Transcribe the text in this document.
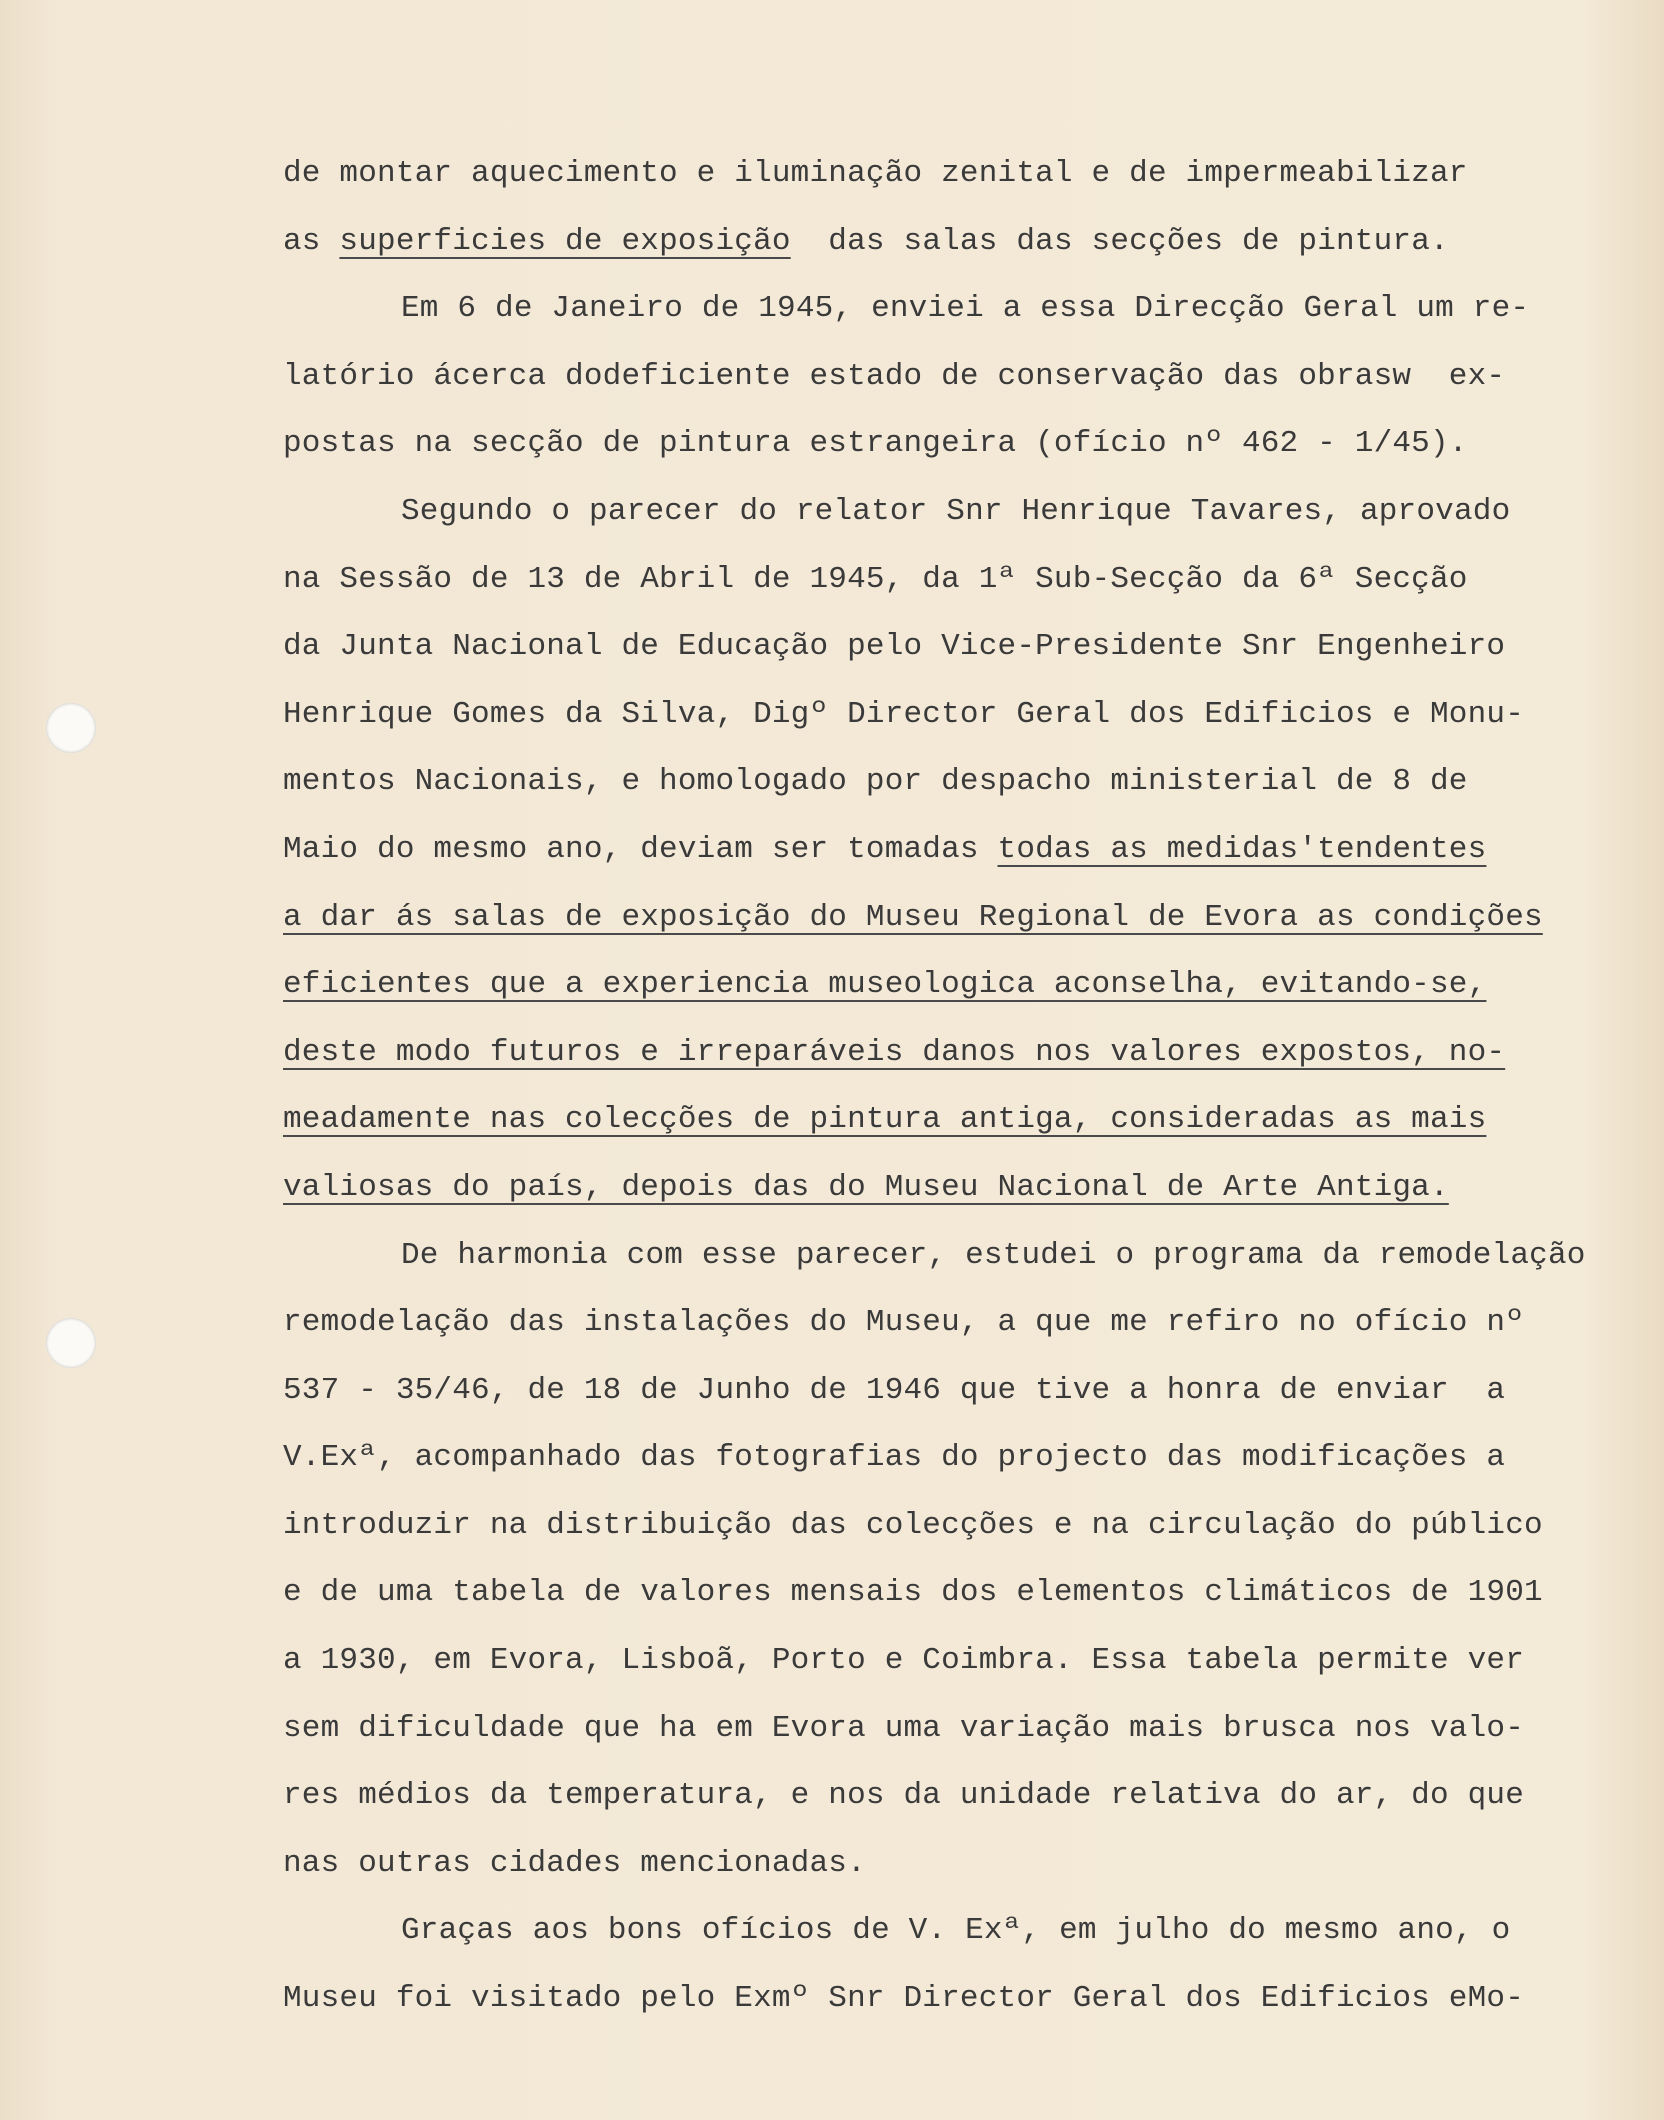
de montar aquecimento e iluminação zenital e de impermeabilizar
as superficies de exposição  das salas das secções de pintura.
Em 6 de Janeiro de 1945, enviei a essa Direcção Geral um re-
latório ácerca dodeficiente estado de conservação das obrasw  ex-
postas na secção de pintura estrangeira (ofício nº 462 - 1/45).
Segundo o parecer do relator Snr Henrique Tavares, aprovado
na Sessão de 13 de Abril de 1945, da 1ª Sub-Secção da 6ª Secção
da Junta Nacional de Educação pelo Vice-Presidente Snr Engenheiro
Henrique Gomes da Silva, Digº Director Geral dos Edificios e Monu-
mentos Nacionais, e homologado por despacho ministerial de 8 de
Maio do mesmo ano, deviam ser tomadas todas as medidas'tendentes
a dar ás salas de exposição do Museu Regional de Evora as condições
eficientes que a experiencia museologica aconselha, evitando-se,
deste modo futuros e irreparáveis danos nos valores expostos, no-
meadamente nas colecções de pintura antiga, consideradas as mais
valiosas do país, depois das do Museu Nacional de Arte Antiga.
De harmonia com esse parecer, estudei o programa da remodelação
remodelação das instalações do Museu, a que me refiro no ofício nº
537 - 35/46, de 18 de Junho de 1946 que tive a honra de enviar  a
V.Exª, acompanhado das fotografias do projecto das modificações a
introduzir na distribuição das colecções e na circulação do público
e de uma tabela de valores mensais dos elementos climáticos de 1901
a 1930, em Evora, Lisboã, Porto e Coimbra. Essa tabela permite ver
sem dificuldade que ha em Evora uma variação mais brusca nos valo-
res médios da temperatura, e nos da unidade relativa do ar, do que
nas outras cidades mencionadas.
Graças aos bons ofícios de V. Exª, em julho do mesmo ano, o
Museu foi visitado pelo Exmº Snr Director Geral dos Edificios eMo-
